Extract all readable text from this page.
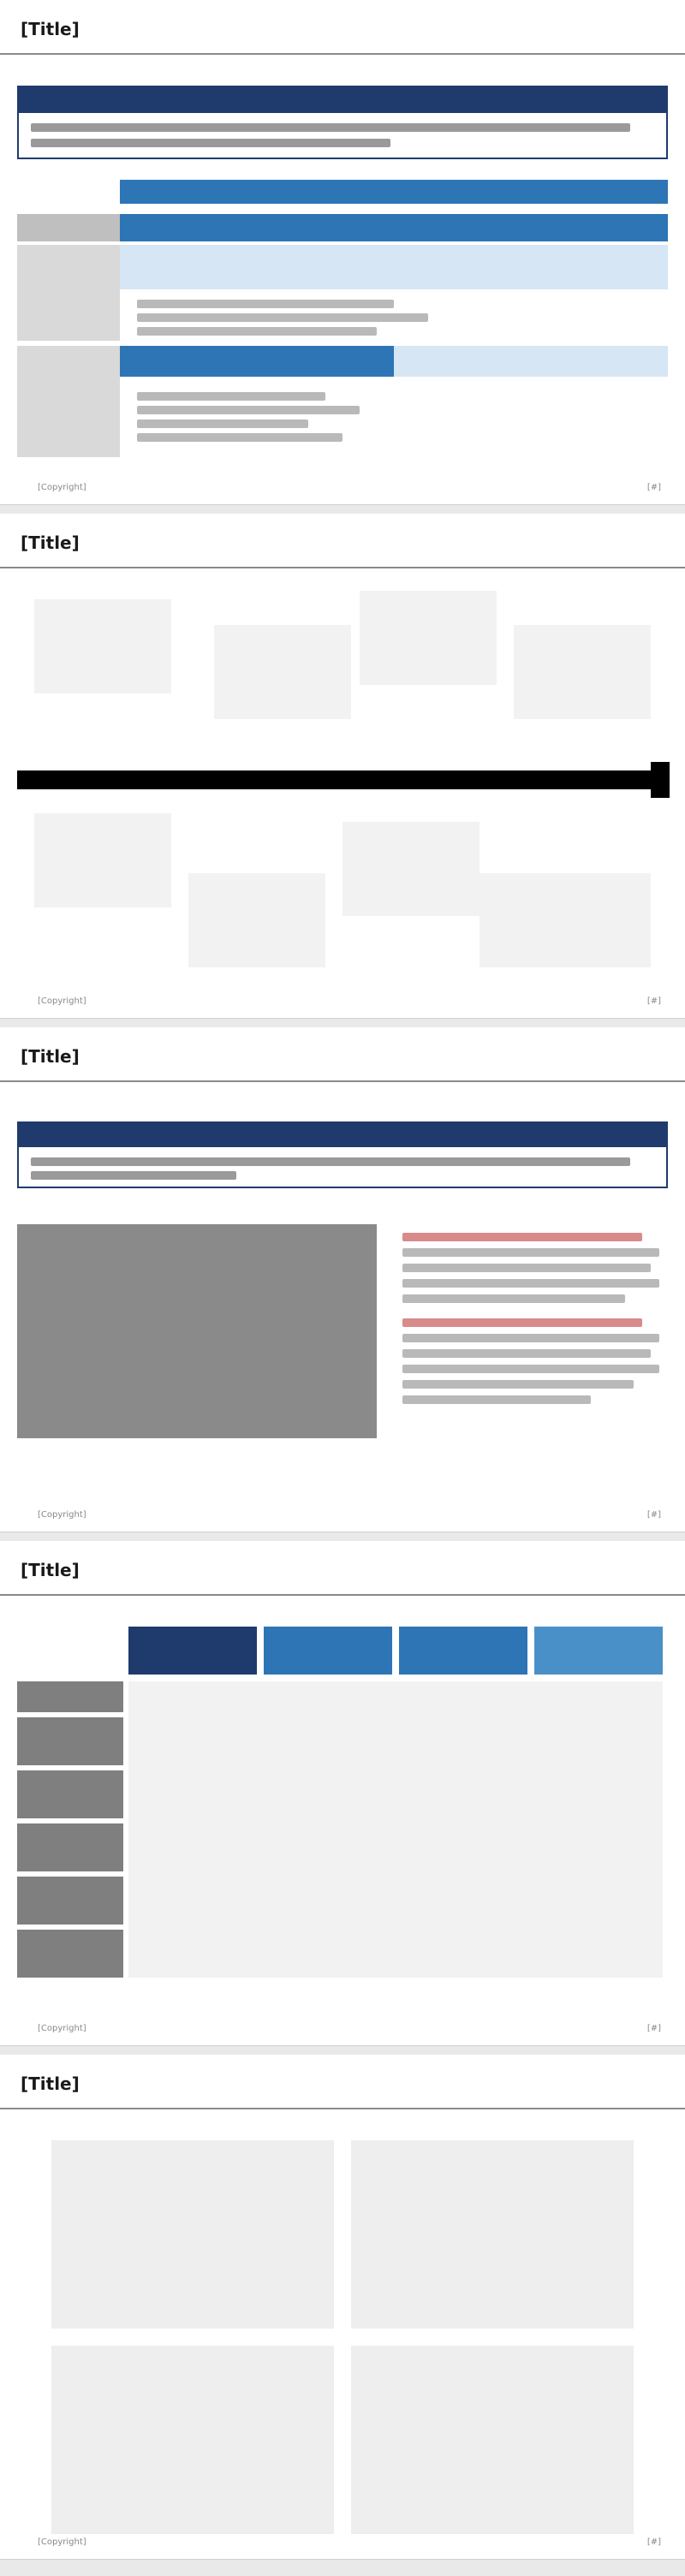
[Title]
[Copyright]	[#]
[Title]
[Copyright]	[#]
[Title]
[Copyright]	[#]
[Title]
[Copyright]	[#]
[Title]
[Copyright]	[#]
